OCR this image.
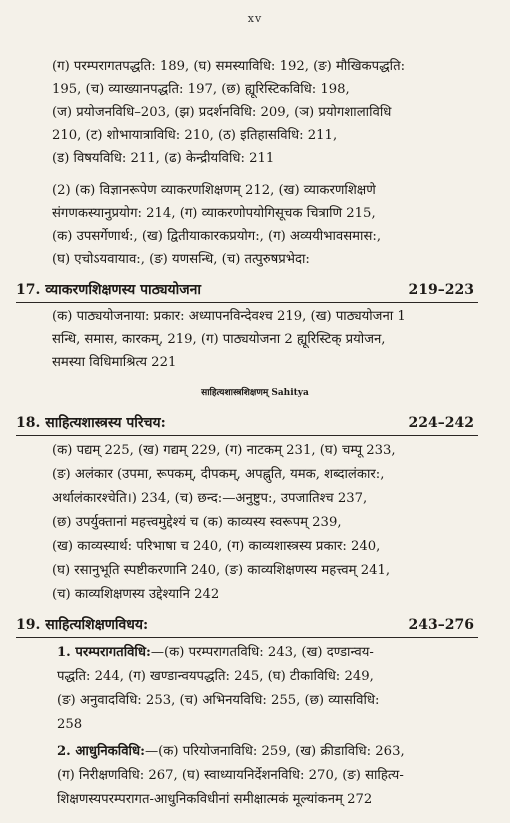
xv
(ग) परम्परागतपद्धति: 189, (घ) समस्याविधि: 192, (ङ) मौखिकपद्धति:
195, (च) व्याख्यानपद्धति: 197, (छ) ह्यूरिस्टिकविधि: 198,
(ज) प्रयोजनविधि–203, (झ) प्रदर्शनविधि: 209, (ञ) प्रयोगशालाविधि
210, (ट) शोभायात्राविधि: 210, (ठ) इतिहासविधि: 211,
(ड) विषयविधि: 211, (ढ) केन्द्रीयविधि: 211
(2) (क) विज्ञानरूपेण व्याकरणशिक्षणम् 212, (ख) व्याकरणशिक्षणे
संगणकस्यानुप्रयोग: 214, (ग) व्याकरणोपयोगिसूचक चित्राणि 215,
(क) उपसर्गेणार्थ:, (ख) द्वितीयाकारकप्रयोग:, (ग) अव्ययीभावसमास:,
(घ) एचोऽयवायाव:, (ङ) यणसन्धि, (च) तत्पुरुषप्रभेदा:
17. व्याकरणशिक्षणस्य पाठ्ययोजना	219–223
(क) पाठ्ययोजनाया: प्रकार: अध्यापनविन्देवश्च 219, (ख) पाठ्ययोजना 1
सन्धि, समास, कारकम्, 219, (ग) पाठ्ययोजना 2 ह्यूरिस्टिक् प्रयोजन,
समस्या विधिमाश्रित्य 221
साहित्यशास्त्रशिक्षणम् Sahitya
18. साहित्यशास्त्रस्य परिचय:	224–242
(क) पद्यम् 225, (ख) गद्यम् 229, (ग) नाटकम् 231, (घ) चम्पू 233,
(ङ) अलंकार (उपमा, रूपकम्, दीपकम्, अपह्नुति, यमक, शब्दालंकार:,
अर्थालंकारश्चेति।) 234, (च) छन्द:—अनुष्टुप:, उपजातिश्च 237,
(छ) उपर्युक्तानां महत्त्वमुद्देश्यं च (क) काव्यस्य स्वरूपम् 239,
(ख) काव्यस्यार्थ: परिभाषा च 240, (ग) काव्यशास्त्रस्य प्रकार: 240,
(घ) रसानुभूति स्पष्टीकरणानि 240, (ङ) काव्यशिक्षणस्य महत्त्वम् 241,
(च) काव्यशिक्षणस्य उद्देश्यानि 242
19. साहित्यशिक्षणविधय:	243–276
1. परम्परागतविधि:—(क) परम्परागतविधि: 243, (ख) दण्डान्वय-
पद्धति: 244, (ग) खण्डान्वयपद्धति: 245, (घ) टीकाविधि: 249,
(ङ) अनुवादविधि: 253, (च) अभिनयविधि: 255, (छ) व्यासविधि:
258
2. आधुनिकविधि:—(क) परियोजनाविधि: 259, (ख) क्रीडाविधि: 263,
(ग) निरीक्षणविधि: 267, (घ) स्वाध्यायनिर्देशनविधि: 270, (ङ) साहित्य-
शिक्षणस्यपरम्परागत-आधुनिकविधीनां समीक्षात्मकं मूल्यांकनम् 272
